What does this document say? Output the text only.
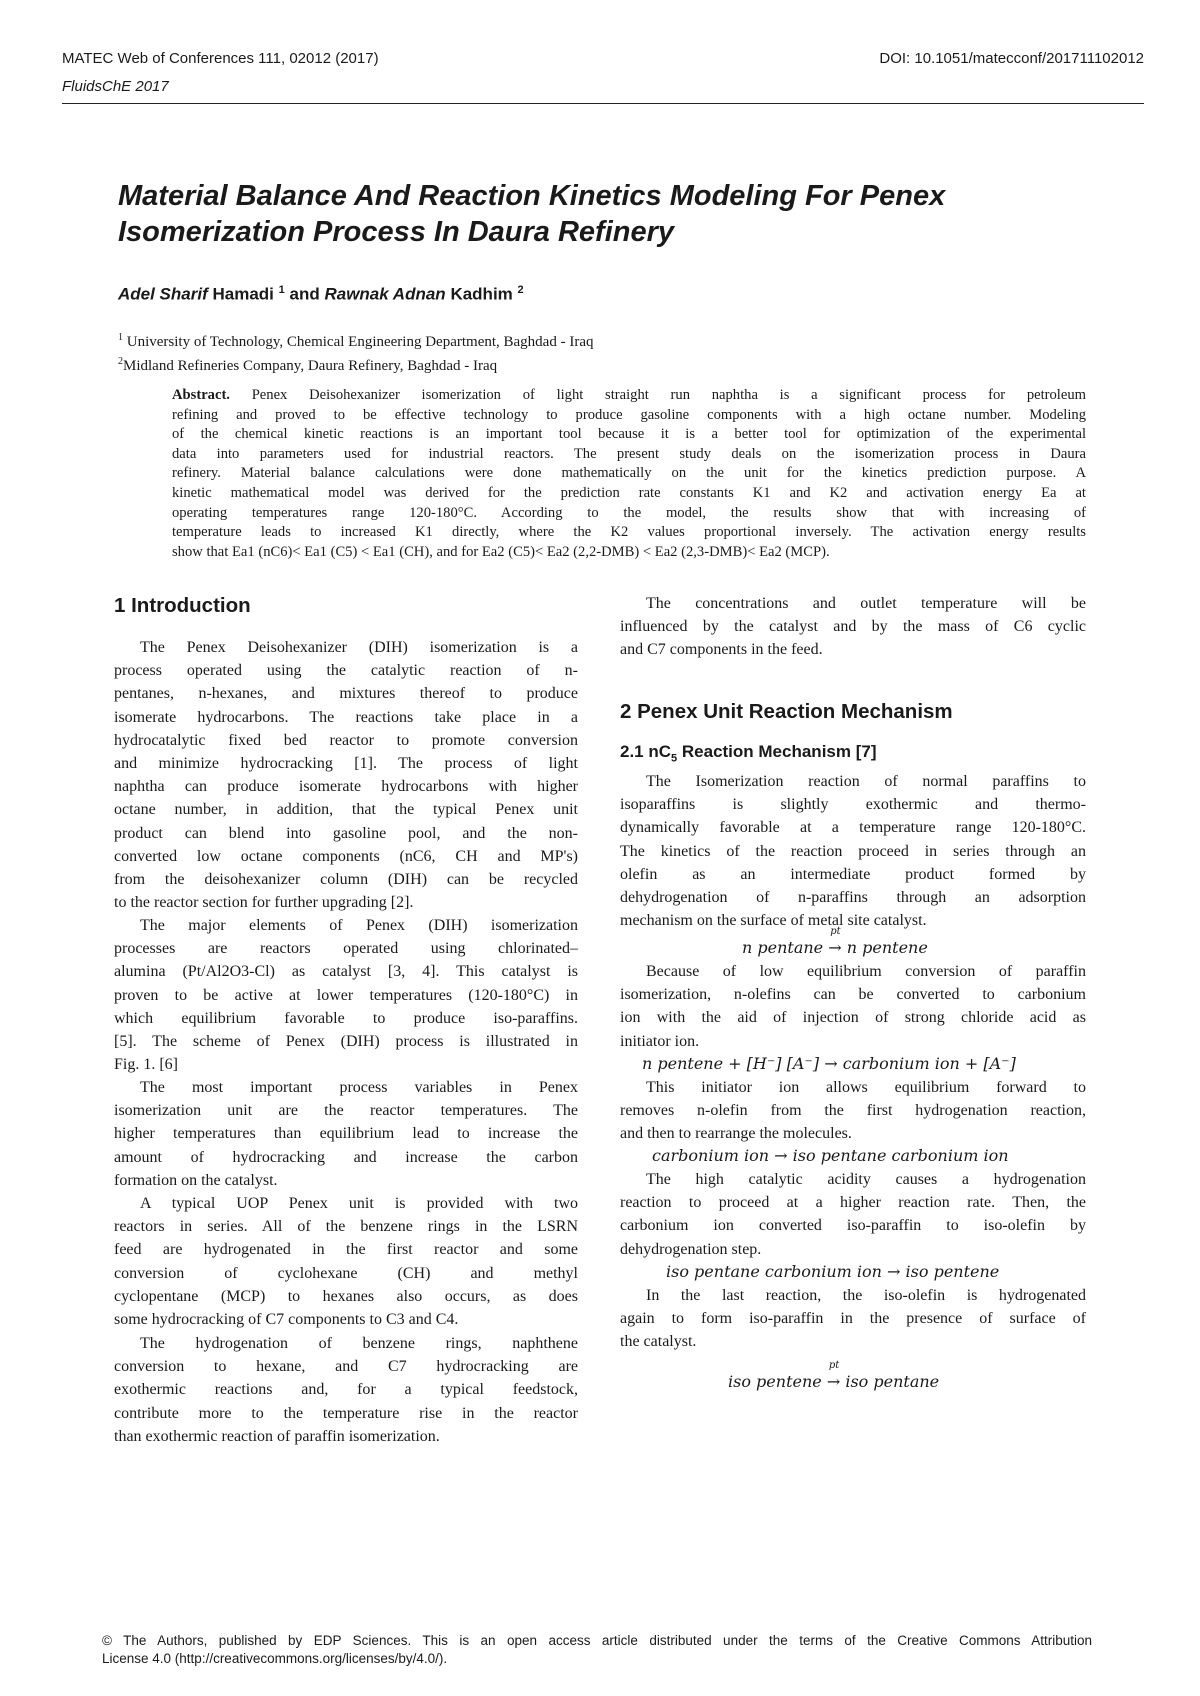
MATEC Web of Conferences 111, 02012 (2017)	DOI: 10.1051/matecconf/201711102012
FluidsChE 2017
Material Balance And Reaction Kinetics Modeling For Penex
Isomerization Process In Daura Refinery
Adel Sharif Hamadi $^1$ and Rawnak Adnan Kadhim $^2$
$^1$ University of Technology, Chemical Engineering Department, Baghdad - Iraq
$^2$Midland Refineries Company, Daura Refinery, Baghdad - Iraq
Abstract. Penex Deisohexanizer isomerization of light straight run naphtha is a significant process for petroleum
refining and proved to be effective technology to produce gasoline components with a high octane number. Modeling
of the chemical kinetic reactions is an important tool because it is a better tool for optimization of the experimental
data into parameters used for industrial reactors. The present study deals on the isomerization process in Daura
refinery. Material balance calculations were done mathematically on the unit for the kinetics prediction purpose. A
kinetic mathematical model was derived for the prediction rate constants K1 and K2 and activation energy Ea at
operating temperatures range 120-180°C. According to the model, the results show that with increasing of
temperature leads to increased K1 directly, where the K2 values proportional inversely. The activation energy results
show that Ea1 (nC6)< Ea1 (C5) < Ea1 (CH), and for Ea2 (C5)< Ea2 (2,2-DMB) < Ea2 (2,3-DMB)< Ea2 (MCP).
1 Introduction
The Penex Deisohexanizer (DIH) isomerization is a
process operated using the catalytic reaction of n-
pentanes, n-hexanes, and mixtures thereof to produce
isomerate hydrocarbons. The reactions take place in a
hydrocatalytic fixed bed reactor to promote conversion
and minimize hydrocracking [1]. The process of light
naphtha can produce isomerate hydrocarbons with higher
octane number, in addition, that the typical Penex unit
product can blend into gasoline pool, and the non-
converted low octane components (nC6, CH and MP's)
from the deisohexanizer column (DIH) can be recycled
to the reactor section for further upgrading [2].
The major elements of Penex (DIH) isomerization
processes are reactors operated using chlorinated–
alumina (Pt/Al2O3-Cl) as catalyst [3, 4]. This catalyst is
proven to be active at lower temperatures (120-180°C) in
which equilibrium favorable to produce iso-paraffins.
[5]. The scheme of Penex (DIH) process is illustrated in
Fig. 1. [6]
The most important process variables in Penex
isomerization unit are the reactor temperatures. The
higher temperatures than equilibrium lead to increase the
amount of hydrocracking and increase the carbon
formation on the catalyst.
A typical UOP Penex unit is provided with two
reactors in series. All of the benzene rings in the LSRN
feed are hydrogenated in the first reactor and some
conversion of cyclohexane (CH) and methyl
cyclopentane (MCP) to hexanes also occurs, as does
some hydrocracking of C7 components to C3 and C4.
The hydrogenation of benzene rings, naphthene
conversion to hexane, and C7 hydrocracking are
exothermic reactions and, for a typical feedstock,
contribute more to the temperature rise in the reactor
than exothermic reaction of paraffin isomerization.
The concentrations and outlet temperature will be
influenced by the catalyst and by the mass of C6 cyclic
and C7 components in the feed.
2 Penex Unit Reaction Mechanism
2.1 $nC_5$ Reaction Mechanism [7]
The Isomerization reaction of normal paraffins to
isoparaffins is slightly exothermic and thermo-
dynamically favorable at a temperature range 120-180°C.
The kinetics of the reaction proceed in series through an
olefin as an intermediate product formed by
dehydrogenation of n-paraffins through an adsorption
mechanism on the surface of metal site catalyst.
n pentane
pt
→ n pentene
Because of low equilibrium conversion of paraffin
isomerization, n-olefins can be converted to carbonium
ion with the aid of injection of strong chloride acid as
initiator ion.
n pentene + [H⁻] [A⁻] → carbonium ion + [A⁻]
This initiator ion allows equilibrium forward to
removes n-olefin from the first hydrogenation reaction,
and then to rearrange the molecules.
carbonium ion → iso pentane carbonium ion
The high catalytic acidity causes a hydrogenation
reaction to proceed at a higher reaction rate. Then, the
carbonium ion converted iso-paraffin to iso-olefin by
dehydrogenation step.
iso pentane carbonium ion → iso pentene
In the last reaction, the iso-olefin is hydrogenated
again to form iso-paraffin in the presence of surface of
the catalyst.
iso pentene
pt
→ iso pentane
© The Authors, published by EDP Sciences. This is an open access article distributed under the terms of the Creative Commons Attribution
License 4.0 (http://creativecommons.org/licenses/by/4.0/).
